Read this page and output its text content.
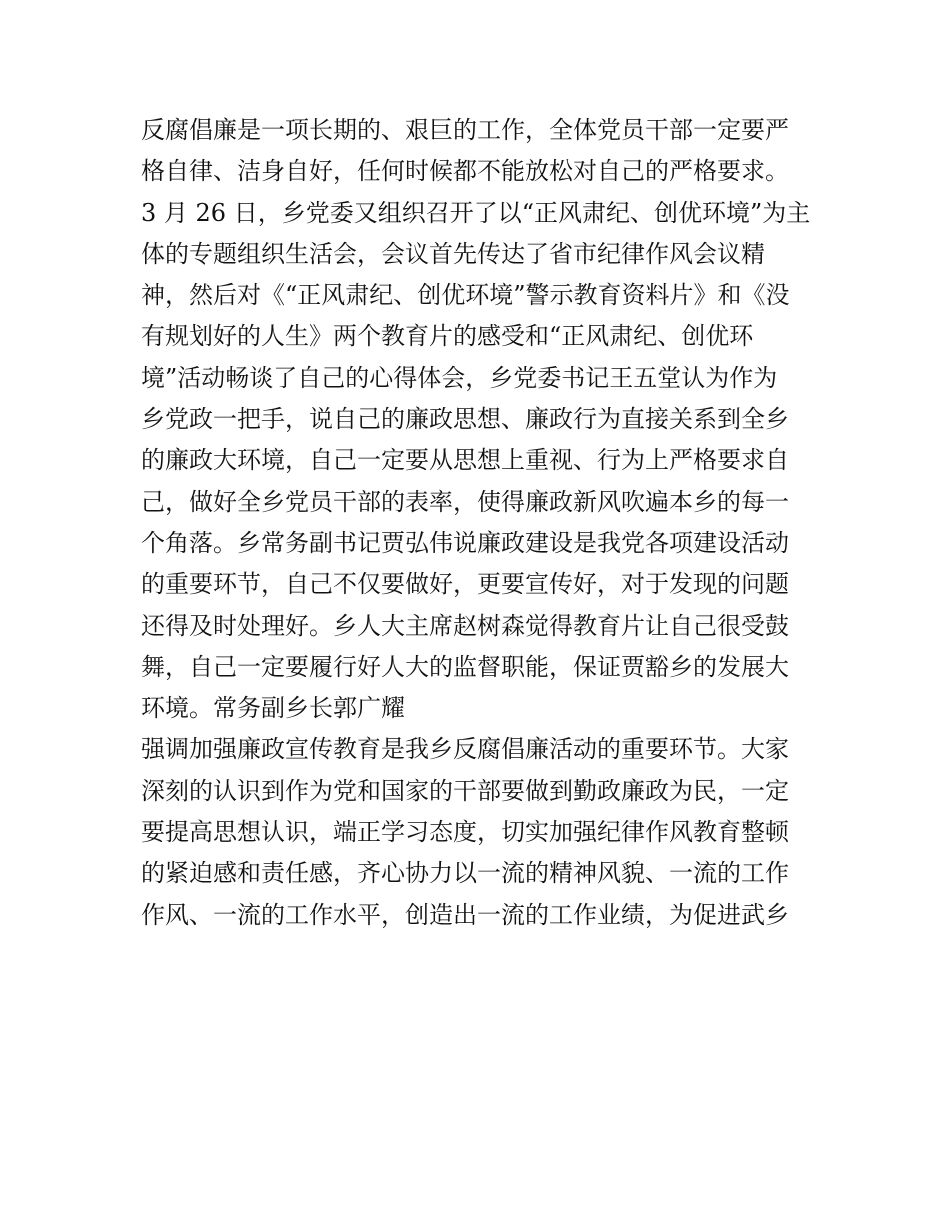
反腐倡廉是一项长期的、艰巨的工作，全体党员干部一定要严
格自律、洁身自好，任何时候都不能放松对自己的严格要求。
3 月 26 日，乡党委又组织召开了以“正风肃纪、创优环境”为主
体的专题组织生活会，会议首先传达了省市纪律作风会议精
神，然后对《“正风肃纪、创优环境”警示教育资料片》和《没
有规划好的人生》两个教育片的感受和“正风肃纪、创优环
境”活动畅谈了自己的心得体会，乡党委书记王五堂认为作为
乡党政一把手，说自己的廉政思想、廉政行为直接关系到全乡
的廉政大环境，自己一定要从思想上重视、行为上严格要求自
己，做好全乡党员干部的表率，使得廉政新风吹遍本乡的每一
个角落。乡常务副书记贾弘伟说廉政建设是我党各项建设活动
的重要环节，自己不仅要做好，更要宣传好，对于发现的问题
还得及时处理好。乡人大主席赵树森觉得教育片让自己很受鼓
舞，自己一定要履行好人大的监督职能，保证贾豁乡的发展大
环境。常务副乡长郭广耀
强调加强廉政宣传教育是我乡反腐倡廉活动的重要环节。大家
深刻的认识到作为党和国家的干部要做到勤政廉政为民，一定
要提高思想认识，端正学习态度，切实加强纪律作风教育整顿
的紧迫感和责任感，齐心协力以一流的精神风貌、一流的工作
作风、一流的工作水平，创造出一流的工作业绩，为促进武乡
